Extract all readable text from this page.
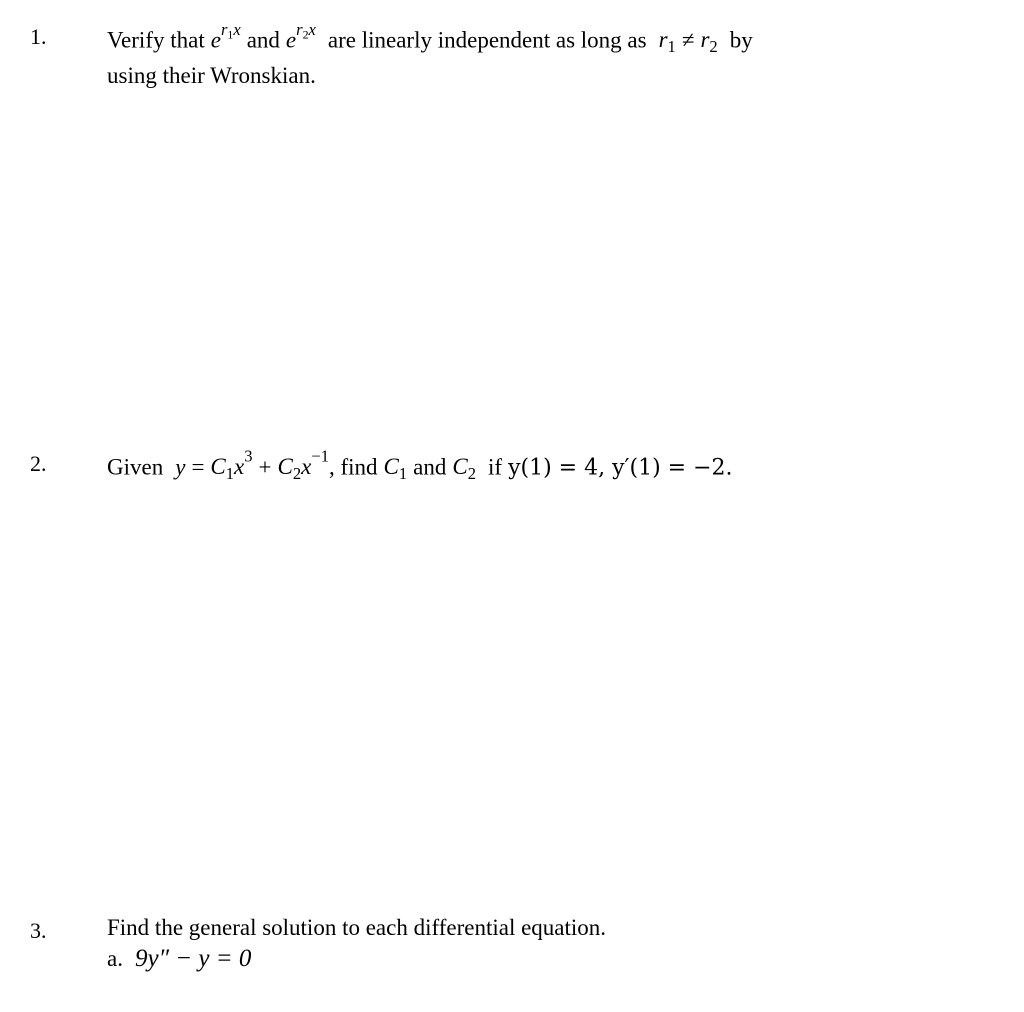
1.	Verify that $e^{r_1x}$ and $e^{r_2x}$ are linearly independent as long as $r_1 \ne r_2$ by
using their Wronskian.
2.	Given $y = C_1x^3 + C_2x^{-1}$, find $C_1$ and $C_2$ if y(1) = 4, y′(1) = −2.
3.	Find the general solution to each differential equation.
a. 9y″ − y = 0
